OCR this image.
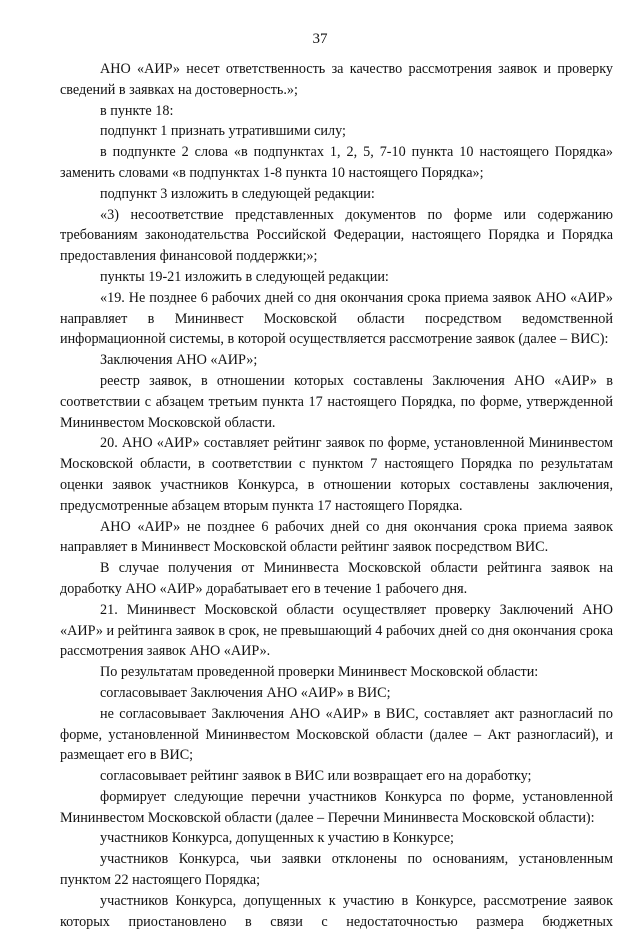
37

АНО «АИР» несет ответственность за качество рассмотрения заявок и проверку сведений в заявках на достоверность.»;

в пункте 18:

подпункт 1 признать утратившими силу;

в подпункте 2 слова «в подпунктах 1, 2, 5, 7-10 пункта 10 настоящего Порядка» заменить словами «в подпунктах 1-8 пункта 10 настоящего Порядка»;

подпункт 3 изложить в следующей редакции:

«3) несоответствие представленных документов по форме или содержанию требованиям законодательства Российской Федерации, настоящего Порядка и Порядка предоставления финансовой поддержки;»;

пункты 19-21 изложить в следующей редакции:

«19. Не позднее 6 рабочих дней со дня окончания срока приема заявок АНО «АИР» направляет в Мининвест Московской области посредством ведомственной информационной системы, в которой осуществляется рассмотрение заявок (далее – ВИС):

Заключения АНО «АИР»;

реестр заявок, в отношении которых составлены Заключения АНО «АИР» в соответствии с абзацем третьим пункта 17 настоящего Порядка, по форме, утвержденной Мининвестом Московской области.

20. АНО «АИР» составляет рейтинг заявок по форме, установленной Мининвестом Московской области, в соответствии с пунктом 7 настоящего Порядка по результатам оценки заявок участников Конкурса, в отношении которых составлены заключения, предусмотренные абзацем вторым пункта 17 настоящего Порядка.

АНО «АИР» не позднее 6 рабочих дней со дня окончания срока приема заявок направляет в Мининвест Московской области рейтинг заявок посредством ВИС.

В случае получения от Мининвеста Московской области рейтинга заявок на доработку АНО «АИР» дорабатывает его в течение 1 рабочего дня.

21. Мининвест Московской области осуществляет проверку Заключений АНО «АИР» и рейтинга заявок в срок, не превышающий 4 рабочих дней со дня окончания срока рассмотрения заявок АНО «АИР».

По результатам проведенной проверки Мининвест Московской области:

согласовывает Заключения АНО «АИР» в ВИС;

не согласовывает Заключения АНО «АИР» в ВИС, составляет акт разногласий по форме, установленной Мининвестом Московской области (далее – Акт разногласий), и размещает его в ВИС;

согласовывает рейтинг заявок в ВИС или возвращает его на доработку;

формирует следующие перечни участников Конкурса по форме, установленной Мининвестом Московской области (далее – Перечни Мининвеста Московской области):

участников Конкурса, допущенных к участию в Конкурсе;

участников Конкурса, чьи заявки отклонены по основаниям, установленным пунктом 22 настоящего Порядка;

участников Конкурса, допущенных к участию в Конкурсе, рассмотрение заявок которых приостановлено в связи с недостаточностью размера бюджетных
